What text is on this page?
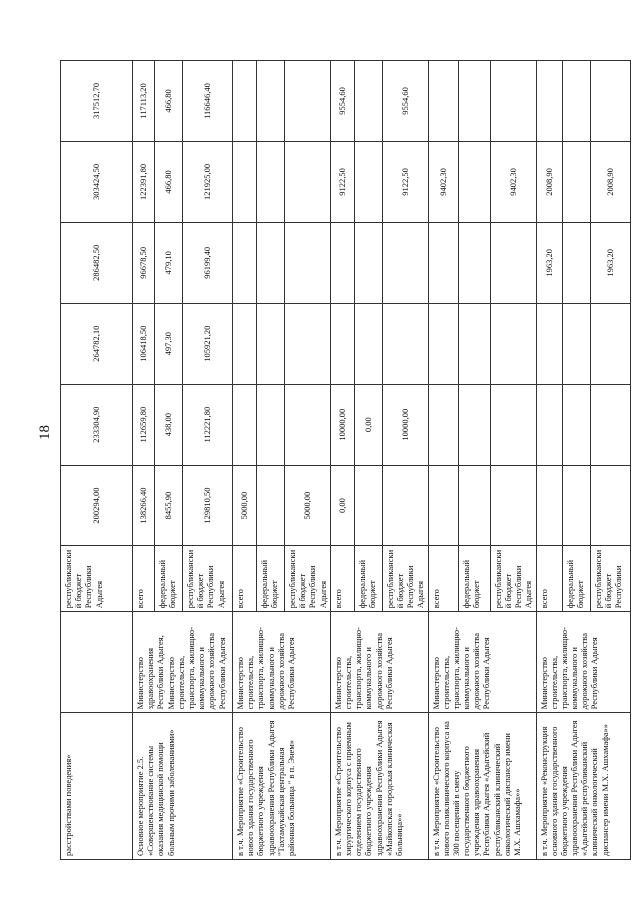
18
расстройствами поведения»		республиканский бюджет Республики Адыгея	200294,00	233304,90	264782,10	286482,50	303424,50	317512,70
Основное мероприятие 2.5. «Совершенствование системы оказания медицинской помощи больным прочими заболеваниями»	Министерство здравоохранения Республики Адыгея, Министерство строительства, транспорта, жилищно-коммунального и дорожного хозяйства Республики Адыгея	всего	138266,40	112659,80	106418,50	96678,50	122391,80	117113,20
		федеральный бюджет	8455,90	438,00	497,30	479,10	466,80	466,80
		республиканский бюджет Республики Адыгея	129810,50	112221,80	105921,20	96199,40	121925,00	116646,40
в т.ч. Мероприятие «Строительство нового здания государственного бюджетного учреждения здравоохранения Республики Адыгея "Тахтамукайская центральная районная больница " в п. Энем»	Министерство строительства, транспорта, жилищно-коммунального и дорожного хозяйства Республики Адыгея	всего	5000,00					
		федеральный бюджет						
		республиканский бюджет Республики Адыгея	5000,00					
в т.ч. Мероприятие «Строительство хирургического корпуса с приемным отделением государственного бюджетного учреждения здравоохранения Республики Адыгея «Майкопская городская клиническая больница»»	Министерство строительства, транспорта, жилищно-коммунального и дорожного хозяйства Республики Адыгея	всего	0,00	10000,00			9122,50	9554,60
		федеральный бюджет		0,00				
		республиканский бюджет Республики Адыгея		10000,00			9122,50	9554,60
в т.ч. Мероприятие «Строительство нового поликлинического корпуса на 300 посещений в смену государственного бюджетного учреждения здравоохранения Республики Адыгея «Адыгейский республиканский клинический онкологический диспансер имени М.Х. Ашхамафа»»	Министерство строительства, транспорта, жилищно-коммунального и дорожного хозяйства Республики Адыгея	всего					9402,30	
		федеральный бюджет						
		республиканский бюджет Республики Адыгея					9402,30	
в т.ч. Мероприятие «Реконструкция основного здания государственного бюджетного учреждения здравоохранения Республики Адыгея «Адыгейский республиканский клинический онкологический диспансер имени М.Х. Ашхамафа»»	Министерство строительства, транспорта, жилищно-коммунального и дорожного хозяйства Республики Адыгея	всего				1963,20	2008,90	
		федеральный бюджет						
		республиканский бюджет Республики				1963,20	2008,90	
